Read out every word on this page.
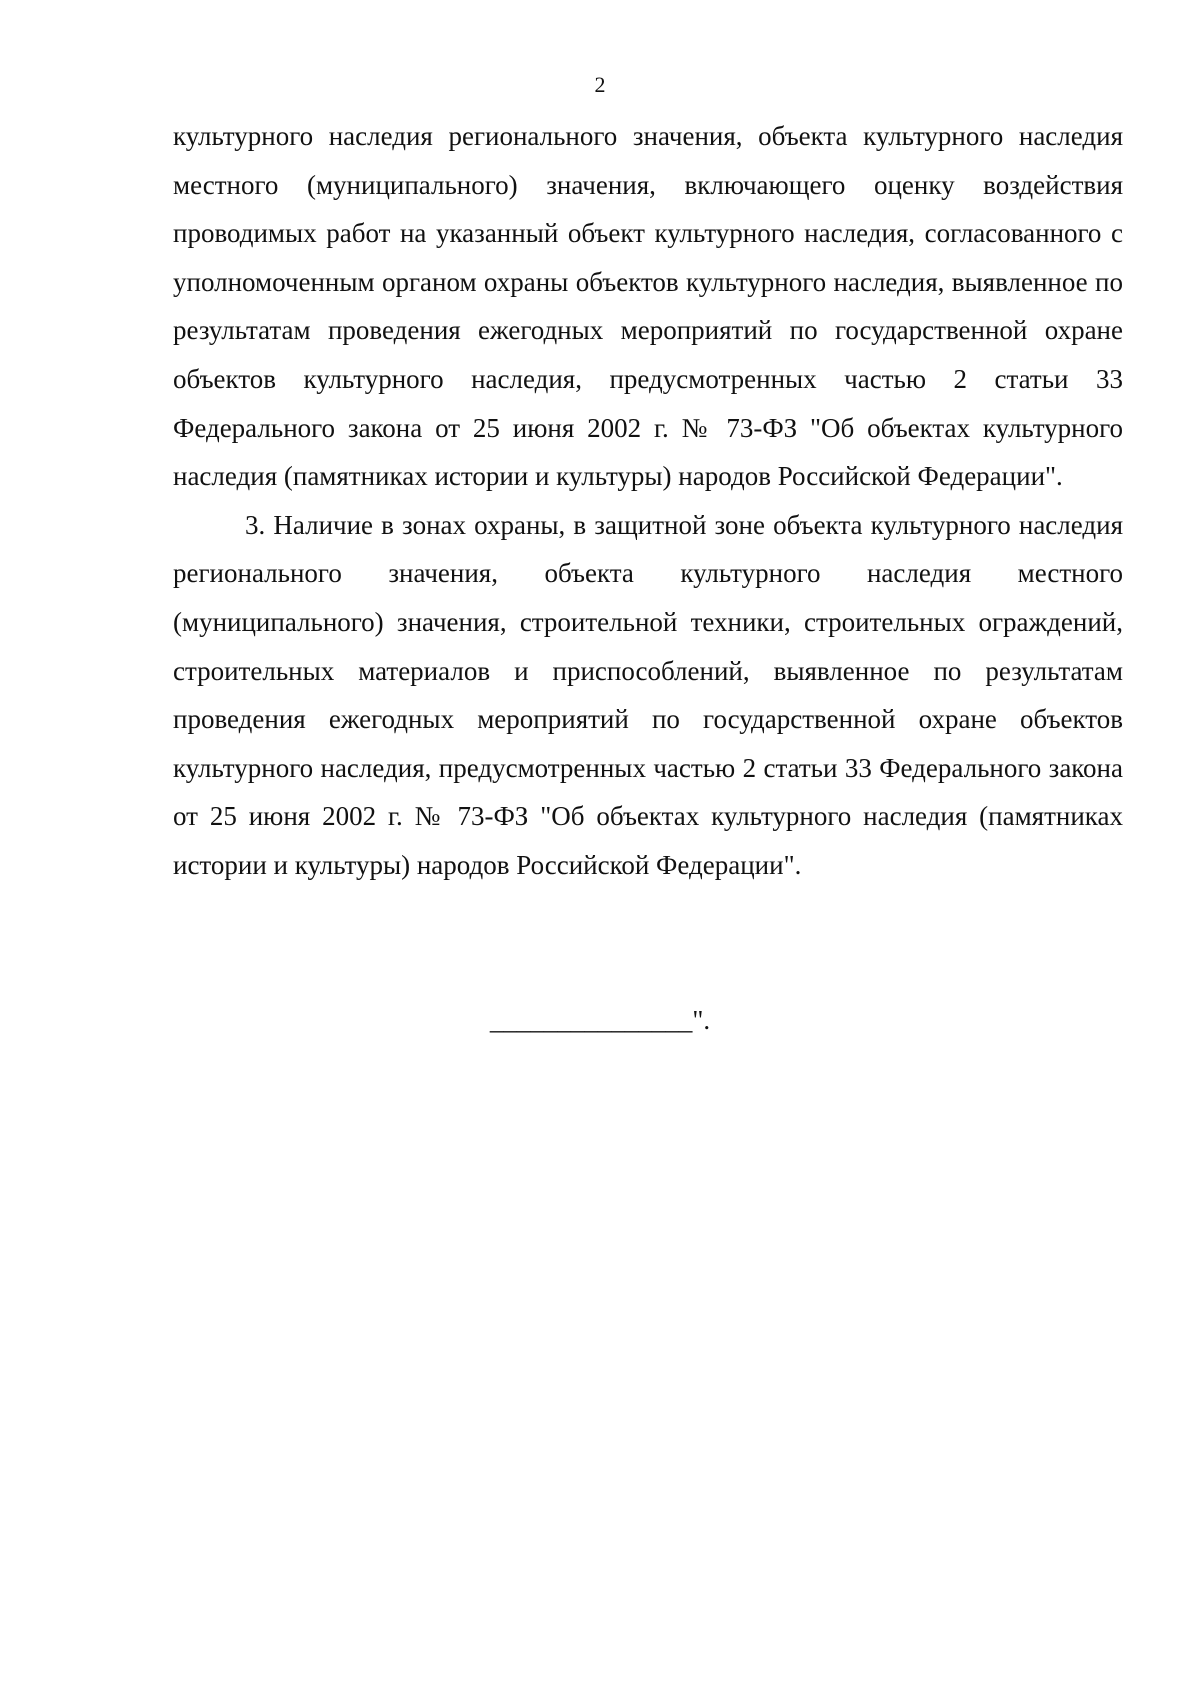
2

культурного наследия регионального значения, объекта культурного наследия местного (муниципального) значения, включающего оценку воздействия проводимых работ на указанный объект культурного наследия, согласованного с уполномоченным органом охраны объектов культурного наследия, выявленное по результатам проведения ежегодных мероприятий по государственной охране объектов культурного наследия, предусмотренных частью 2 статьи 33 Федерального закона от 25 июня 2002 г. № 73-ФЗ "Об объектах культурного наследия (памятниках истории и культуры) народов Российской Федерации".

3. Наличие в зонах охраны, в защитной зоне объекта культурного наследия регионального значения, объекта культурного наследия местного (муниципального) значения, строительной техники, строительных ограждений, строительных материалов и приспособлений, выявленное по результатам проведения ежегодных мероприятий по государственной охране объектов культурного наследия, предусмотренных частью 2 статьи 33 Федерального закона от 25 июня 2002 г. № 73-ФЗ "Об объектах культурного наследия (памятниках истории и культуры) народов Российской Федерации".

_______________".
